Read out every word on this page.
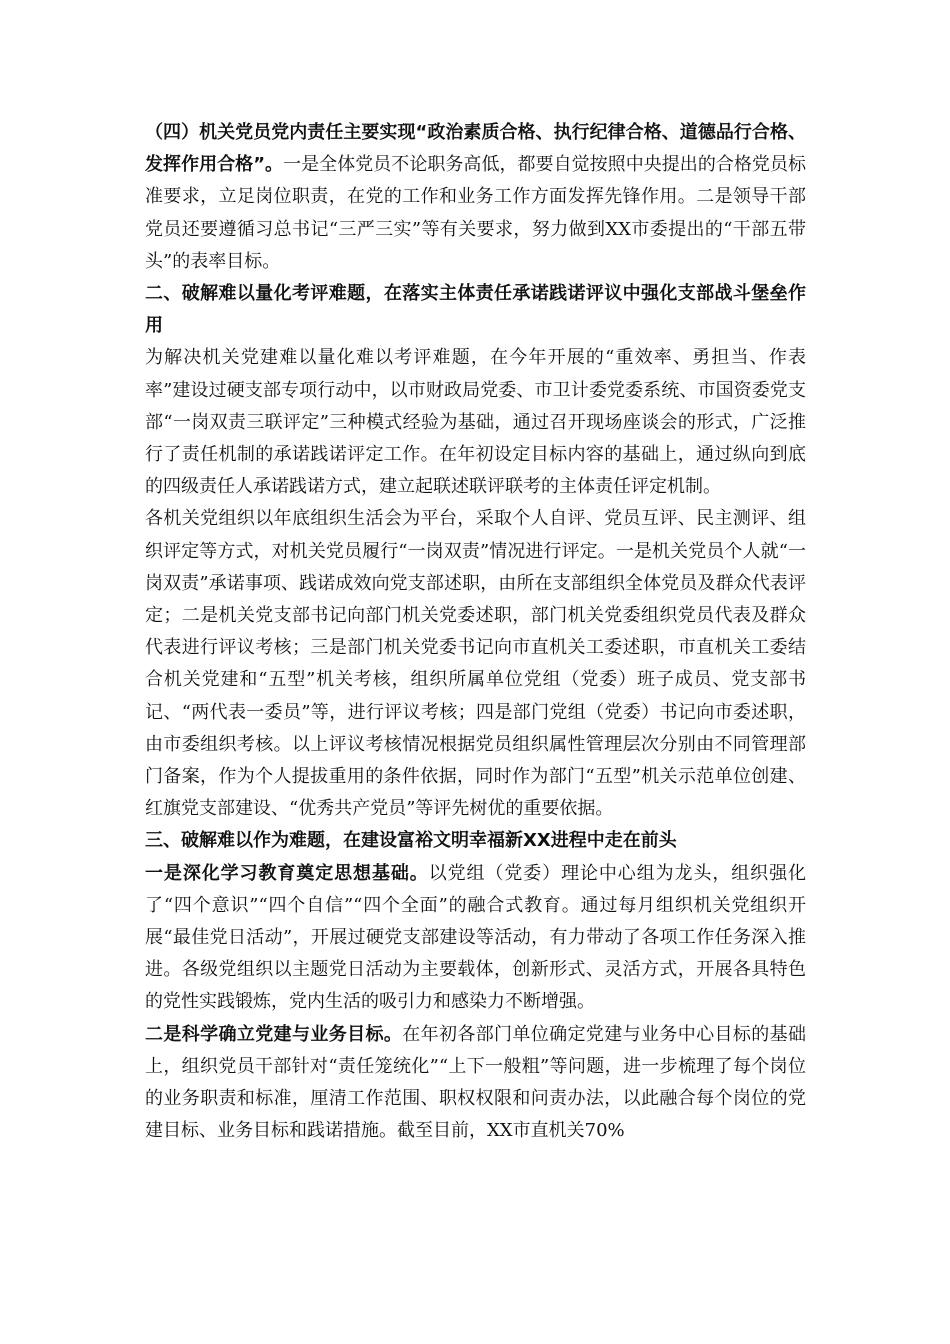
（四）机关党员党内责任主要实现“政治素质合格、执行纪律合格、道德品行合格、发挥作用合格”。一是全体党员不论职务高低，都要自觉按照中央提出的合格党员标准要求，立足岗位职责，在党的工作和业务工作方面发挥先锋作用。二是领导干部党员还要遵循习总书记“三严三实”等有关要求，努力做到XX市委提出的“干部五带头”的表率目标。

二、破解难以量化考评难题，在落实主体责任承诺践诺评议中强化支部战斗堡垒作用

为解决机关党建难以量化难以考评难题，在今年开展的“重效率、勇担当、作表率”建设过硬支部专项行动中，以市财政局党委、市卫计委党委系统、市国资委党支部“一岗双责三联评定”三种模式经验为基础，通过召开现场座谈会的形式，广泛推行了责任机制的承诺践诺评定工作。在年初设定目标内容的基础上，通过纵向到底的四级责任人承诺践诺方式，建立起联述联评联考的主体责任评定机制。

各机关党组织以年底组织生活会为平台，采取个人自评、党员互评、民主测评、组织评定等方式，对机关党员履行“一岗双责”情况进行评定。一是机关党员个人就“一岗双责”承诺事项、践诺成效向党支部述职，由所在支部组织全体党员及群众代表评定；二是机关党支部书记向部门机关党委述职，部门机关党委组织党员代表及群众代表进行评议考核；三是部门机关党委书记向市直机关工委述职，市直机关工委结合机关党建和“五型”机关考核，组织所属单位党组（党委）班子成员、党支部书记、“两代表一委员”等，进行评议考核；四是部门党组（党委）书记向市委述职，由市委组织考核。以上评议考核情况根据党员组织属性管理层次分别由不同管理部门备案，作为个人提拔重用的条件依据，同时作为部门“五型”机关示范单位创建、红旗党支部建设、“优秀共产党员”等评先树优的重要依据。

三、破解难以作为难题，在建设富裕文明幸福新XX进程中走在前头

一是深化学习教育奠定思想基础。以党组（党委）理论中心组为龙头，组织强化了“四个意识”“四个自信”“四个全面”的融合式教育。通过每月组织机关党组织开展“最佳党日活动”，开展过硬党支部建设等活动，有力带动了各项工作任务深入推进。各级党组织以主题党日活动为主要载体，创新形式、灵活方式，开展各具特色的党性实践锻炼，党内生活的吸引力和感染力不断增强。

二是科学确立党建与业务目标。在年初各部门单位确定党建与业务中心目标的基础上，组织党员干部针对“责任笼统化”“上下一般粗”等问题，进一步梳理了每个岗位的业务职责和标准，厘清工作范围、职权权限和问责办法，以此融合每个岗位的党建目标、业务目标和践诺措施。截至目前，XX市直机关70%
